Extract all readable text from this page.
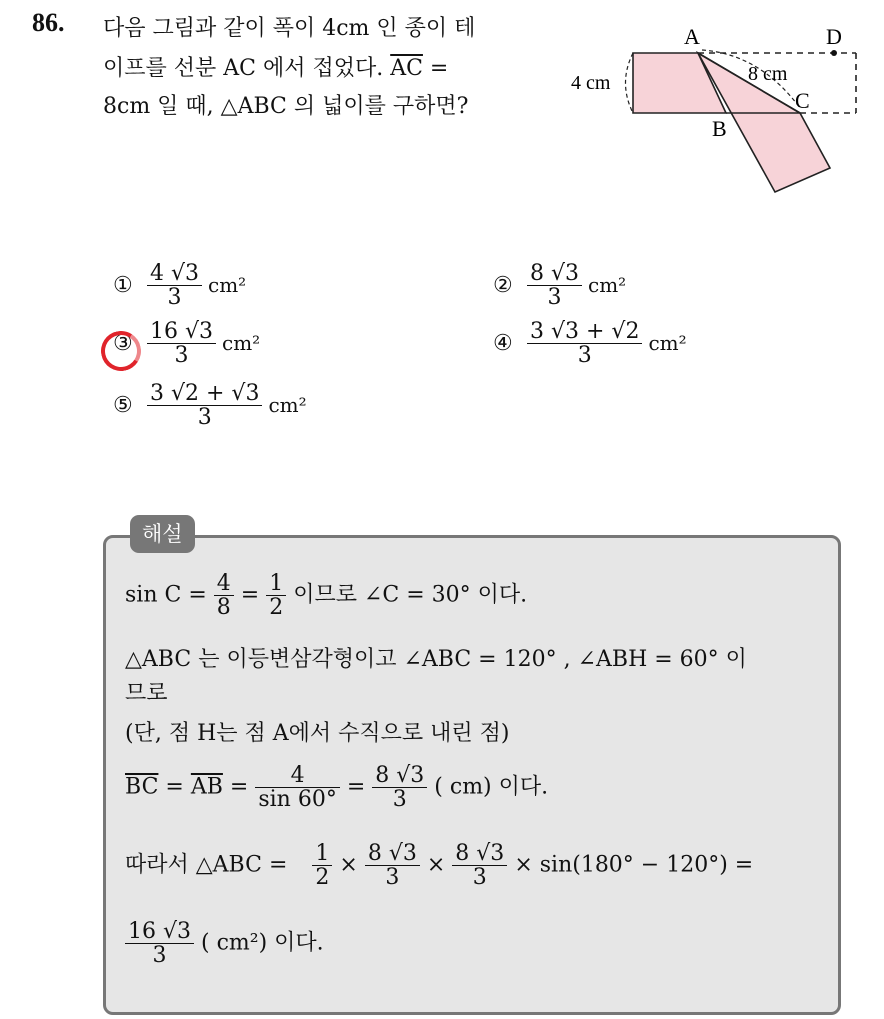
86. 다음 그림과 같이 폭이 4cm 인 종이 테
이프를 선분 AC 에서 접었다. $\overline{AC}$ =
8cm 일 때, △ABC 의 넓이를 구하면?
A	D
C
B
4 cm	8 cm
① $\frac{4 √3}{3} cm^2$	② $\frac{8 √3}{3} cm^2$
③ $\frac{16 √3}{3} cm^2$	④ $\frac{3 √3 + √2}{3} cm^2$
⑤ $\frac{3 √2 + √3}{3} cm^2$
해설
$\sin C = \frac{4}{8} = \frac{1}{2}$ 이므로 ∠C = 30° 이다.
△ABC 는 이등변삼각형이고 ∠ABC = 120° , ∠ABH = 60° 이
므로
(단, 점 H는 점 A에서 수직으로 내린 점)
$\overline{BC} = \overline{AB} = \frac{4}{\sin 60^\circ} = \frac{8 √3}{3}$ ( cm) 이다.
따라서 △ABC = $\frac{1}{2} \times \frac{8 √3}{3} \times \frac{8 √3}{3} \times \sin(180^\circ - 120^\circ)$ =
$\frac{16 √3}{3}$ ( cm²) 이다.
